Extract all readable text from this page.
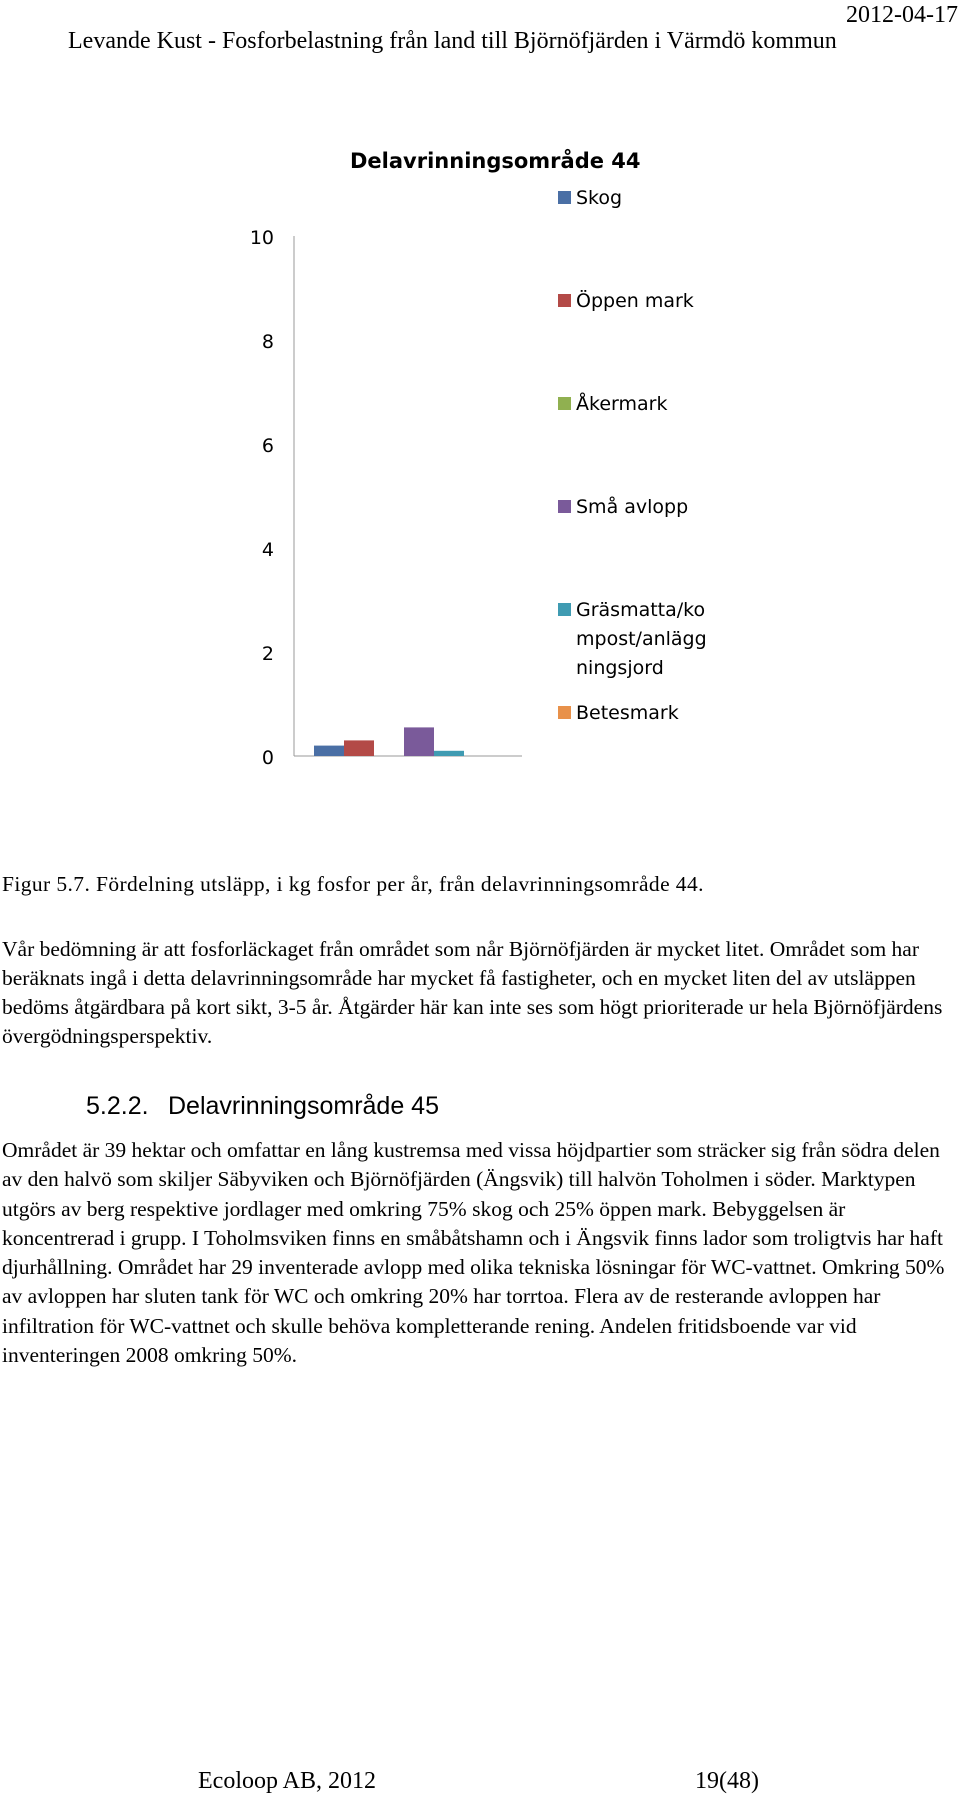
2012-04-17
Levande Kust - Fosforbelastning från land till Björnöfjärden i Värmdö kommun
Delavrinningsområde 44
0
2
4
6
8
10
Skog
Öppen mark
Åkermark
Små avlopp
Gräsmatta/ko
mpost/anlägg
ningsjord
Betesmark
Figur 5.7. Fördelning utsläpp, i kg fosfor per år, från delavrinningsområde 44.

Vår bedömning är att fosforläckaget från området som når Björnöfjärden är mycket litet. Området som har beräknats ingå i detta delavrinningsområde har mycket få fastigheter, och en mycket liten del av utsläppen bedöms åtgärdbara på kort sikt, 3-5 år. Åtgärder här kan inte ses som högt prioriterade ur hela Björnöfjärdens övergödningsperspektiv.

5.2.2. Delavrinningsområde 45

Området är 39 hektar och omfattar en lång kustremsa med vissa höjdpartier som sträcker sig från södra delen av den halvö som skiljer Säbyviken och Björnöfjärden (Ängsvik) till halvön Toholmen i söder. Marktypen utgörs av berg respektive jordlager med omkring 75% skog och 25% öppen mark. Bebyggelsen är koncentrerad i grupp. I Toholmsviken finns en småbåtshamn och i Ängsvik finns lador som troligtvis har haft djurhållning. Området har 29 inventerade avlopp med olika tekniska lösningar för WC-vattnet. Omkring 50% av avloppen har sluten tank för WC och omkring 20% har torrtoa. Flera av de resterande avloppen har infiltration för WC-vattnet och skulle behöva kompletterande rening. Andelen fritidsboende var vid inventeringen 2008 omkring 50%.

Ecoloop AB, 2012	19(48)
